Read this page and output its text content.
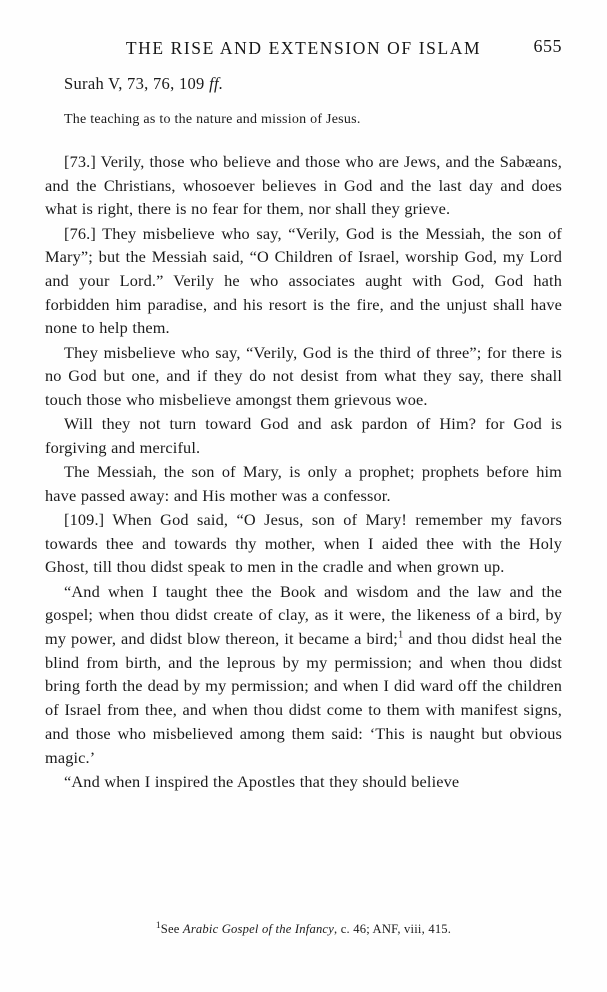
THE RISE AND EXTENSION OF ISLAM	655
Surah V, 73, 76, 109 ff.
The teaching as to the nature and mission of Jesus.

[73.] Verily, those who believe and those who are Jews, and the Sabæans, and the Christians, whosoever believes in God and the last day and does what is right, there is no fear for them, nor shall they grieve.

[76.] They misbelieve who say, “Verily, God is the Messiah, the son of Mary”; but the Messiah said, “O Children of Israel, worship God, my Lord and your Lord.” Verily he who associates aught with God, God hath forbidden him paradise, and his resort is the fire, and the unjust shall have none to help them.

They misbelieve who say, “Verily, God is the third of three”; for there is no God but one, and if they do not desist from what they say, there shall touch those who misbelieve amongst them grievous woe.

Will they not turn toward God and ask pardon of Him? for God is forgiving and merciful.

The Messiah, the son of Mary, is only a prophet; prophets before him have passed away: and His mother was a confessor.

[109.] When God said, “O Jesus, son of Mary! remember my favors towards thee and towards thy mother, when I aided thee with the Holy Ghost, till thou didst speak to men in the cradle and when grown up.

“And when I taught thee the Book and wisdom and the law and the gospel; when thou didst create of clay, as it were, the likeness of a bird, by my power, and didst blow thereon, it became a bird;$^1$ and thou didst heal the blind from birth, and the leprous by my permission; and when thou didst bring forth the dead by my permission; and when I did ward off the children of Israel from thee, and when thou didst come to them with manifest signs, and those who misbelieved among them said: ‘This is naught but obvious magic.’

“And when I inspired the Apostles that they should believe

$^1$See Arabic Gospel of the Infancy, c. 46; ANF, viii, 415.
